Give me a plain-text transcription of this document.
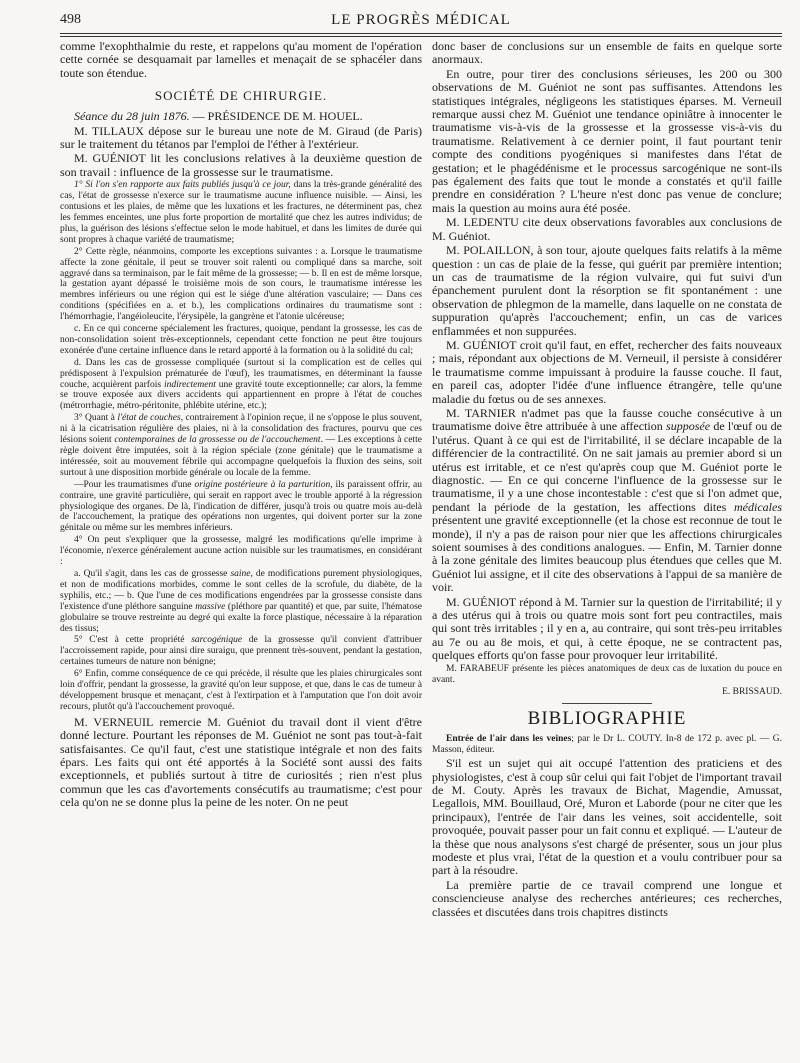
498	LE PROGRÈS MÉDICAL

comme l'exophthalmie du reste, et rappelons qu'au moment de l'opération cette cornée se desquamait par lamelles et menaçait de se sphacéler dans toute son étendue.

SOCIÉTÉ DE CHIRURGIE.

Séance du 28 juin 1876. — PRÉSIDENCE DE M. HOUEL.

M. TILLAUX dépose sur le bureau une note de M. Giraud (de Paris) sur le traitement du tétanos par l'emploi de l'éther à l'extérieur.

M. GUÉNIOT lit les conclusions relatives à la deuxième question de son travail : influence de la grossesse sur le traumatisme.

1° Si l'on s'en rapporte aux faits publiés jusqu'à ce jour, dans la très-grande généralité des cas, l'état de grossesse n'exerce sur le traumatisme aucune influence nuisible. — Ainsi, les contusions et les plaies, de même que les luxations et les fractures, ne déterminent pas, chez les femmes enceintes, une plus forte proportion de mortalité que chez les autres individus; de plus, la guérison des lésions s'effectue selon le mode habituel, et dans les limites de durée qui sont propres à chaque variété de traumatisme;

2° Cette règle, néanmoins, comporte les exceptions suivantes : a. Lorsque le traumatisme affecte la zone génitale, il peut se trouver soit ralenti ou compliqué dans sa marche, soit aggravé dans sa terminaison, par le fait même de la grossesse; — b. Il en est de même lorsque, la gestation ayant dépassé le troisième mois de son cours, le traumatisme intéresse les membres inférieurs ou une région qui est le siége d'une altération vasculaire; — Dans ces conditions (spécifiées en a. et b.), les complications ordinaires du traumatisme sont : l'hémorrhagie, l'angéioleucite, l'érysipèle, la gangrène et l'atonie ulcéreuse;

c. En ce qui concerne spécialement les fractures, quoique, pendant la grossesse, les cas de non-consolidation soient très-exceptionnels, cependant cette fonction ne peut être toujours exonérée d'une certaine influence dans le retard apporté à la formation ou à la solidité du cal;

d. Dans les cas de grossesse compliquée (surtout si la complication est de celles qui prédisposent à l'expulsion prématurée de l'œuf), les traumatismes, en déterminant la fausse couche, acquièrent parfois indirectement une gravité toute exceptionnelle; car alors, la femme se trouve exposée aux divers accidents qui appartiennent en propre à l'état de couches (métrorrhagie, métro-péritonite, phlébite utérine, etc.);

3° Quant à l'état de couches, contrairement à l'opinion reçue, il ne s'oppose le plus souvent, ni à la cicatrisation régulière des plaies, ni à la consolidation des fractures, pourvu que ces lésions soient contemporaines de la grossesse ou de l'accouchement. — Les exceptions à cette règle doivent être imputées, soit à la région spéciale (zone génitale) que le traumatisme a intéressée, soit au mouvement fébrile qui accompagne quelquefois la fluxion des seins, soit surtout à une disposition morbide générale ou locale de la femme.

—Pour les traumatismes d'une origine postérieure à la parturition, ils paraissent offrir, au contraire, une gravité particulière, qui serait en rapport avec le trouble apporté à la régression physiologique des organes. De là, l'indication de différer, jusqu'à trois ou quatre mois au-delà de l'accouchement, la pratique des opérations non urgentes, qui doivent porter sur la zone génitale ou même sur les membres inférieurs.

4° On peut s'expliquer que la grossesse, malgré les modifications qu'elle imprime à l'économie, n'exerce généralement aucune action nuisible sur les traumatismes, en considérant :

a. Qu'il s'agit, dans les cas de grossesse saine, de modifications purement physiologiques, et non de modifications morbides, comme le sont celles de la scrofule, du diabète, de la syphilis, etc.; — b. Que l'une de ces modifications engendrées par la grossesse consiste dans l'existence d'une pléthore sanguine massive (pléthore par quantité) et que, par suite, l'hématose globulaire se trouve restreinte au degré qui exalte la force plastique, nécessaire à la réparation des tissus;

5° C'est à cette propriété sarcogénique de la grossesse qu'il convient d'attribuer l'accroissement rapide, pour ainsi dire suraigu, que prennent très-souvent, pendant la gestation, certaines tumeurs de nature non bénigne;

6° Enfin, comme conséquence de ce qui précède, il résulte que les plaies chirurgicales sont loin d'offrir, pendant la grossesse, la gravité qu'on leur suppose, et que, dans le cas de tumeur à développement brusque et menaçant, c'est à l'extirpation et à l'amputation que l'on doit avoir recours, plutôt qu'à l'accouchement provoqué.

M. VERNEUIL remercie M. Guéniot du travail dont il vient d'être donné lecture. Pourtant les réponses de M. Guéniot ne sont pas tout-à-fait satisfaisantes. Ce qu'il faut, c'est une statistique intégrale et non des faits épars. Les faits qui ont été apportés à la Société sont aussi des faits exceptionnels, et publiés surtout à titre de curiosités ; rien n'est plus commun que les cas d'avortements consécutifs au traumatisme; c'est pour cela qu'on ne se donne plus la peine de les noter. On ne peut

donc baser de conclusions sur un ensemble de faits en quelque sorte anormaux.

En outre, pour tirer des conclusions sérieuses, les 200 ou 300 observations de M. Guéniot ne sont pas suffisantes. Attendons les statistiques intégrales, négligeons les statistiques éparses. M. Verneuil remarque aussi chez M. Guéniot une tendance opiniâtre à innocenter le traumatisme vis-à-vis de la grossesse et la grossesse vis-à-vis du traumatisme. Relativement à ce dernier point, il faut pourtant tenir compte des conditions pyogéniques si manifestes dans l'état de gestation; et le phagédénisme et le processus sarcogénique ne sont-ils pas également des faits que tout le monde a constatés et qu'il faille prendre en considération ? L'heure n'est donc pas venue de conclure; mais la question au moins aura été posée.

M. LEDENTU cite deux observations favorables aux conclusions de M. Guéniot.

M. POLAILLON, à son tour, ajoute quelques faits relatifs à la même question : un cas de plaie de la fesse, qui guérit par première intention; un cas de traumatisme de la région vulvaire, qui fut suivi d'un épanchement purulent dont la résorption se fit spontanément : une observation de phlegmon de la mamelle, dans laquelle on ne constata de suppuration qu'après l'accouchement; enfin, un cas de varices enflammées et non suppurées.

M. GUÉNIOT croit qu'il faut, en effet, rechercher des faits nouveaux ; mais, répondant aux objections de M. Verneuil, il persiste à considérer le traumatisme comme impuissant à produire la fausse couche. Il faut, en pareil cas, adopter l'idée d'une influence étrangère, telle qu'une maladie du fœtus ou de ses annexes.

M. TARNIER n'admet pas que la fausse couche consécutive à un traumatisme doive être attribuée à une affection supposée de l'œuf ou de l'utérus. Quant à ce qui est de l'irritabilité, il se déclare incapable de la différencier de la contractilité. On ne sait jamais au premier abord si un utérus est irritable, et ce n'est qu'après coup que M. Guéniot porte le diagnostic. — En ce qui concerne l'influence de la grossesse sur le traumatisme, il y a une chose incontestable : c'est que si l'on admet que, pendant la période de la gestation, les affections dites médicales présentent une gravité exceptionnelle (et la chose est reconnue de tout le monde), il n'y a pas de raison pour nier que les affections chirurgicales soient soumises à des conditions analogues. — Enfin, M. Tarnier donne à la zone génitale des limites beaucoup plus étendues que celles que M. Guéniot lui assigne, et il cite des observations à l'appui de sa manière de voir.

M. GUÉNIOT répond à M. Tarnier sur la question de l'irritabilité; il y a des utérus qui à trois ou quatre mois sont fort peu contractiles, mais qui sont très irritables ; il y en a, au contraire, qui sont très-peu irritables au 7e ou au 8e mois, et qui, à cette époque, ne se contractent pas, quelques efforts qu'on fasse pour provoquer leur irritabilité.

M. FARABEUF présente les pièces anatomiques de deux cas de luxation du pouce en avant.

E. BRISSAUD.

BIBLIOGRAPHIE

Entrée de l'air dans les veines; par le Dr L. COUTY. In-8 de 172 p. avec pl. — G. Masson, éditeur.

S'il est un sujet qui ait occupé l'attention des praticiens et des physiologistes, c'est à coup sûr celui qui fait l'objet de l'important travail de M. Couty. Après les travaux de Bichat, Magendie, Amussat, Legallois, MM. Bouillaud, Oré, Muron et Laborde (pour ne citer que les principaux), l'entrée de l'air dans les veines, soit accidentelle, soit provoquée, pouvait passer pour un fait connu et expliqué. — L'auteur de la thèse que nous analysons s'est chargé de présenter, sous un jour plus modeste et plus vrai, l'état de la question et a voulu contribuer pour sa part à la résoudre.

La première partie de ce travail comprend une longue et consciencieuse analyse des recherches antérieures; ces recherches, classées et discutées dans trois chapitres distincts
